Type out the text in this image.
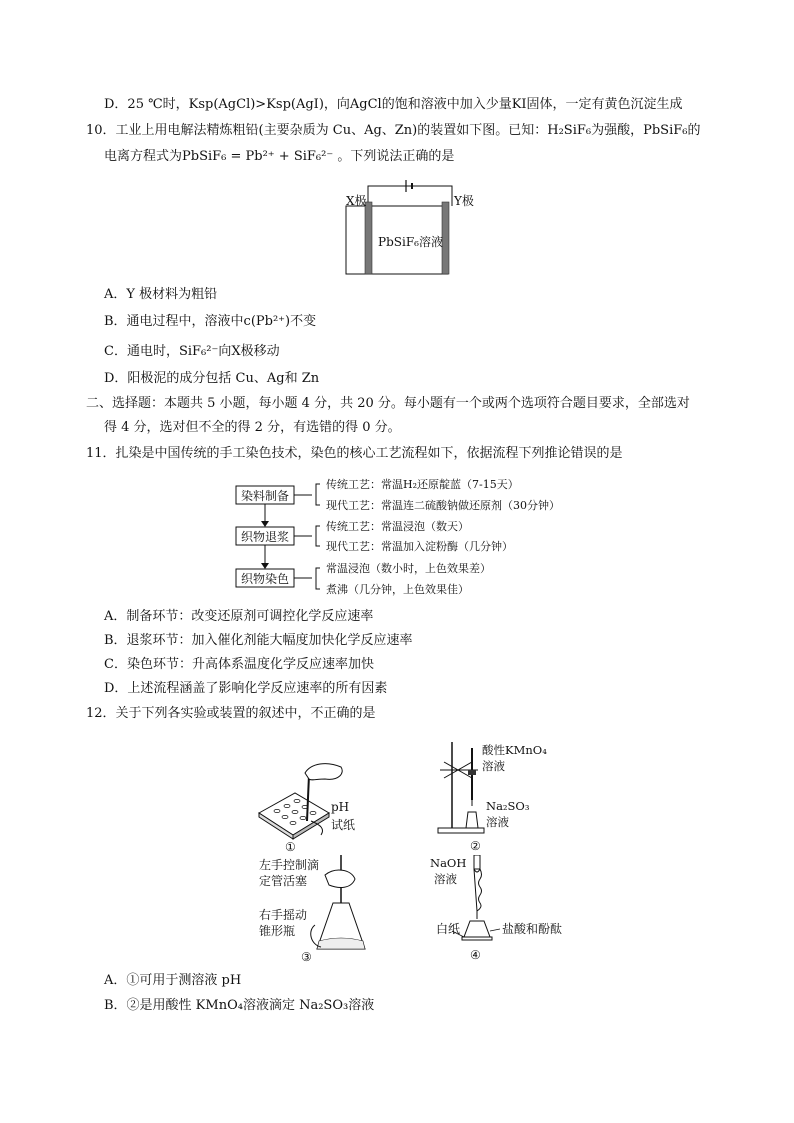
D．25 ℃时，Ksp(AgCl)>Ksp(AgI)，向AgCl的饱和溶液中加入少量KI固体，一定有黄色沉淀生成
10．工业上用电解法精炼粗铅(主要杂质为 Cu、Ag、Zn)的装置如下图。已知：H₂SiF₆为强酸，PbSiF₆的
电离方程式为PbSiF₆ = Pb²⁺ + SiF₆²⁻ 。下列说法正确的是
X极	Y极
PbSiF₆溶液
A．Y 极材料为粗铅
B．通电过程中，溶液中c(Pb²⁺)不变
C．通电时，SiF₆²⁻向X极移动
D．阳极泥的成分包括 Cu、Ag和 Zn
二、选择题：本题共 5 小题，每小题 4 分，共 20 分。每小题有一个或两个选项符合题目要求，全部选对
得 4 分，选对但不全的得 2 分，有选错的得 0 分。
11．扎染是中国传统的手工染色技术，染色的核心工艺流程如下，依据流程下列推论错误的是
染料制备
织物退浆
织物染色
传统工艺：常温H₂还原靛蓝（7-15天）
现代工艺：常温连二硫酸钠做还原剂（30分钟）
传统工艺：常温浸泡（数天）
现代工艺：常温加入淀粉酶（几分钟）
常温浸泡（数小时，上色效果差）
煮沸（几分钟，上色效果佳）
A．制备环节：改变还原剂可调控化学反应速率
B．退浆环节：加入催化剂能大幅度加快化学反应速率
C．染色环节：升高体系温度化学反应速率加快
D．上述流程涵盖了影响化学反应速率的所有因素
12．关于下列各实验或装置的叙述中，不正确的是
pH
试纸
①
酸性KMnO₄
溶液
Na₂SO₃
溶液
②
左手控制滴
定管活塞
右手摇动
锥形瓶
③
NaOH
溶液
白纸	盐酸和酚酞
④
A．①可用于测溶液 pH
B．②是用酸性 KMnO₄溶液滴定 Na₂SO₃溶液
